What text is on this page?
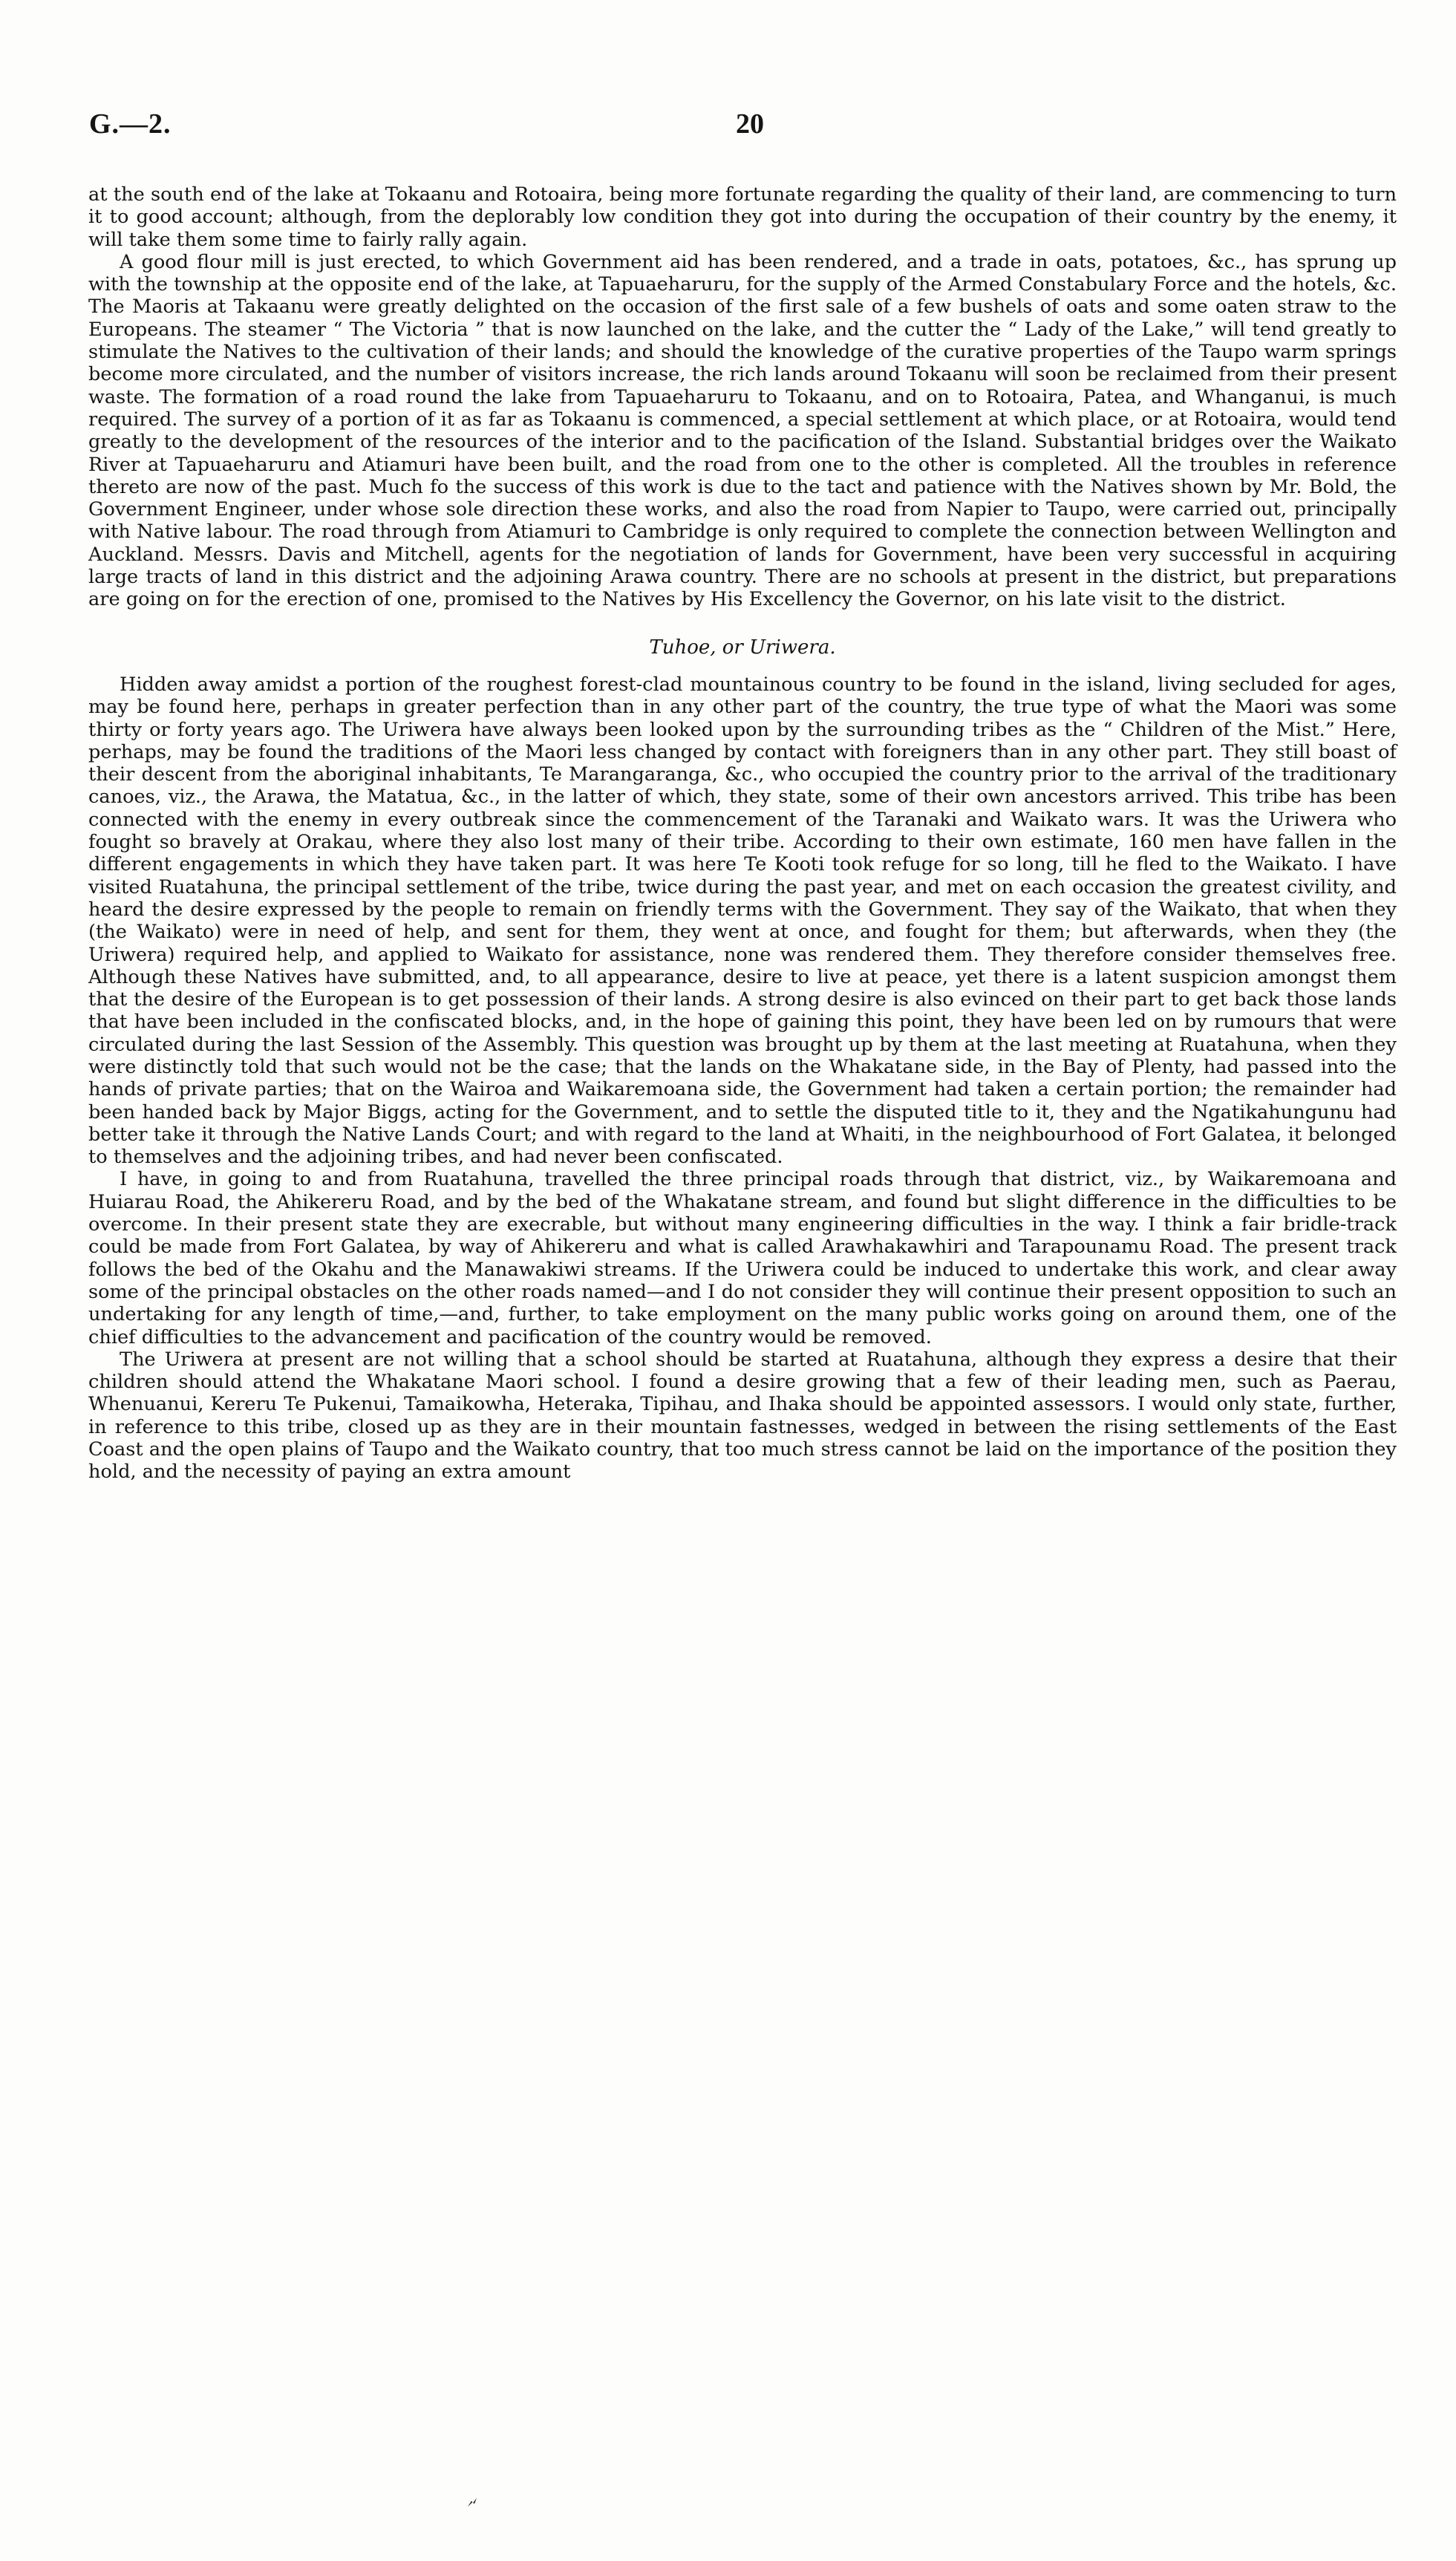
G.—2.	20

at the south end of the lake at Tokaanu and Rotoaira, being more fortunate regarding the quality of their land, are commencing to turn it to good account; although, from the deplorably low condition they got into during the occupation of their country by the enemy, it will take them some time to fairly rally again.

A good flour mill is just erected, to which Government aid has been rendered, and a trade in oats, potatoes, &c., has sprung up with the township at the opposite end of the lake, at Tapuaeharuru, for the supply of the Armed Constabulary Force and the hotels, &c. The Maoris at Takaanu were greatly delighted on the occasion of the first sale of a few bushels of oats and some oaten straw to the Europeans. The steamer “ The Victoria ” that is now launched on the lake, and the cutter the “ Lady of the Lake,” will tend greatly to stimulate the Natives to the cultivation of their lands; and should the knowledge of the curative properties of the Taupo warm springs become more circulated, and the number of visitors increase, the rich lands around Tokaanu will soon be reclaimed from their present waste. The formation of a road round the lake from Tapuaeharuru to Tokaanu, and on to Rotoaira, Patea, and Whanganui, is much required. The survey of a portion of it as far as Tokaanu is commenced, a special settlement at which place, or at Rotoaira, would tend greatly to the development of the resources of the interior and to the pacification of the Island. Substantial bridges over the Waikato River at Tapuaeharuru and Atiamuri have been built, and the road from one to the other is completed. All the troubles in reference thereto are now of the past. Much fo the success of this work is due to the tact and patience with the Natives shown by Mr. Bold, the Government Engineer, under whose sole direction these works, and also the road from Napier to Taupo, were carried out, principally with Native labour. The road through from Atiamuri to Cambridge is only required to complete the connection between Wellington and Auckland. Messrs. Davis and Mitchell, agents for the negotiation of lands for Government, have been very successful in acquiring large tracts of land in this district and the adjoining Arawa country. There are no schools at present in the district, but preparations are going on for the erection of one, promised to the Natives by His Excellency the Governor, on his late visit to the district.

Tuhoe, or Uriwera.

Hidden away amidst a portion of the roughest forest-clad mountainous country to be found in the island, living secluded for ages, may be found here, perhaps in greater perfection than in any other part of the country, the true type of what the Maori was some thirty or forty years ago. The Uriwera have always been looked upon by the surrounding tribes as the “ Children of the Mist.” Here, perhaps, may be found the traditions of the Maori less changed by contact with foreigners than in any other part. They still boast of their descent from the aboriginal inhabitants, Te Marangaranga, &c., who occupied the country prior to the arrival of the traditionary canoes, viz., the Arawa, the Matatua, &c., in the latter of which, they state, some of their own ancestors arrived. This tribe has been connected with the enemy in every outbreak since the commencement of the Taranaki and Waikato wars. It was the Uriwera who fought so bravely at Orakau, where they also lost many of their tribe. According to their own estimate, 160 men have fallen in the different engagements in which they have taken part. It was here Te Kooti took refuge for so long, till he fled to the Waikato. I have visited Ruatahuna, the principal settlement of the tribe, twice during the past year, and met on each occasion the greatest civility, and heard the desire expressed by the people to remain on friendly terms with the Government. They say of the Waikato, that when they (the Waikato) were in need of help, and sent for them, they went at once, and fought for them; but afterwards, when they (the Uriwera) required help, and applied to Waikato for assistance, none was rendered them. They therefore consider themselves free. Although these Natives have submitted, and, to all appearance, desire to live at peace, yet there is a latent suspicion amongst them that the desire of the European is to get possession of their lands. A strong desire is also evinced on their part to get back those lands that have been included in the confiscated blocks, and, in the hope of gaining this point, they have been led on by rumours that were circulated during the last Session of the Assembly. This question was brought up by them at the last meeting at Ruatahuna, when they were distinctly told that such would not be the case; that the lands on the Whakatane side, in the Bay of Plenty, had passed into the hands of private parties; that on the Wairoa and Waikaremoana side, the Government had taken a certain portion; the remainder had been handed back by Major Biggs, acting for the Government, and to settle the disputed title to it, they and the Ngatikahungunu had better take it through the Native Lands Court; and with regard to the land at Whaiti, in the neighbourhood of Fort Galatea, it belonged to themselves and the adjoining tribes, and had never been confiscated.

I have, in going to and from Ruatahuna, travelled the three principal roads through that district, viz., by Waikaremoana and Huiarau Road, the Ahikereru Road, and by the bed of the Whakatane stream, and found but slight difference in the difficulties to be overcome. In their present state they are execrable, but without many engineering difficulties in the way. I think a fair bridle-track could be made from Fort Galatea, by way of Ahikereru and what is called Arawhakawhiri and Tarapounamu Road. The present track follows the bed of the Okahu and the Manawakiwi streams. If the Uriwera could be induced to undertake this work, and clear away some of the principal obstacles on the other roads named—and I do not consider they will continue their present opposition to such an undertaking for any length of time,—and, further, to take employment on the many public works going on around them, one of the chief difficulties to the advancement and pacification of the country would be removed.

The Uriwera at present are not willing that a school should be started at Ruatahuna, although they express a desire that their children should attend the Whakatane Maori school. I found a desire growing that a few of their leading men, such as Paerau, Whenuanui, Kereru Te Pukenui, Tamaikowha, Heteraka, Tipihau, and Ihaka should be appointed assessors. I would only state, further, in reference to this tribe, closed up as they are in their mountain fastnesses, wedged in between the rising settlements of the East Coast and the open plains of Taupo and the Waikato country, that too much stress cannot be laid on the importance of the position they hold, and the necessity of paying an extra amount
